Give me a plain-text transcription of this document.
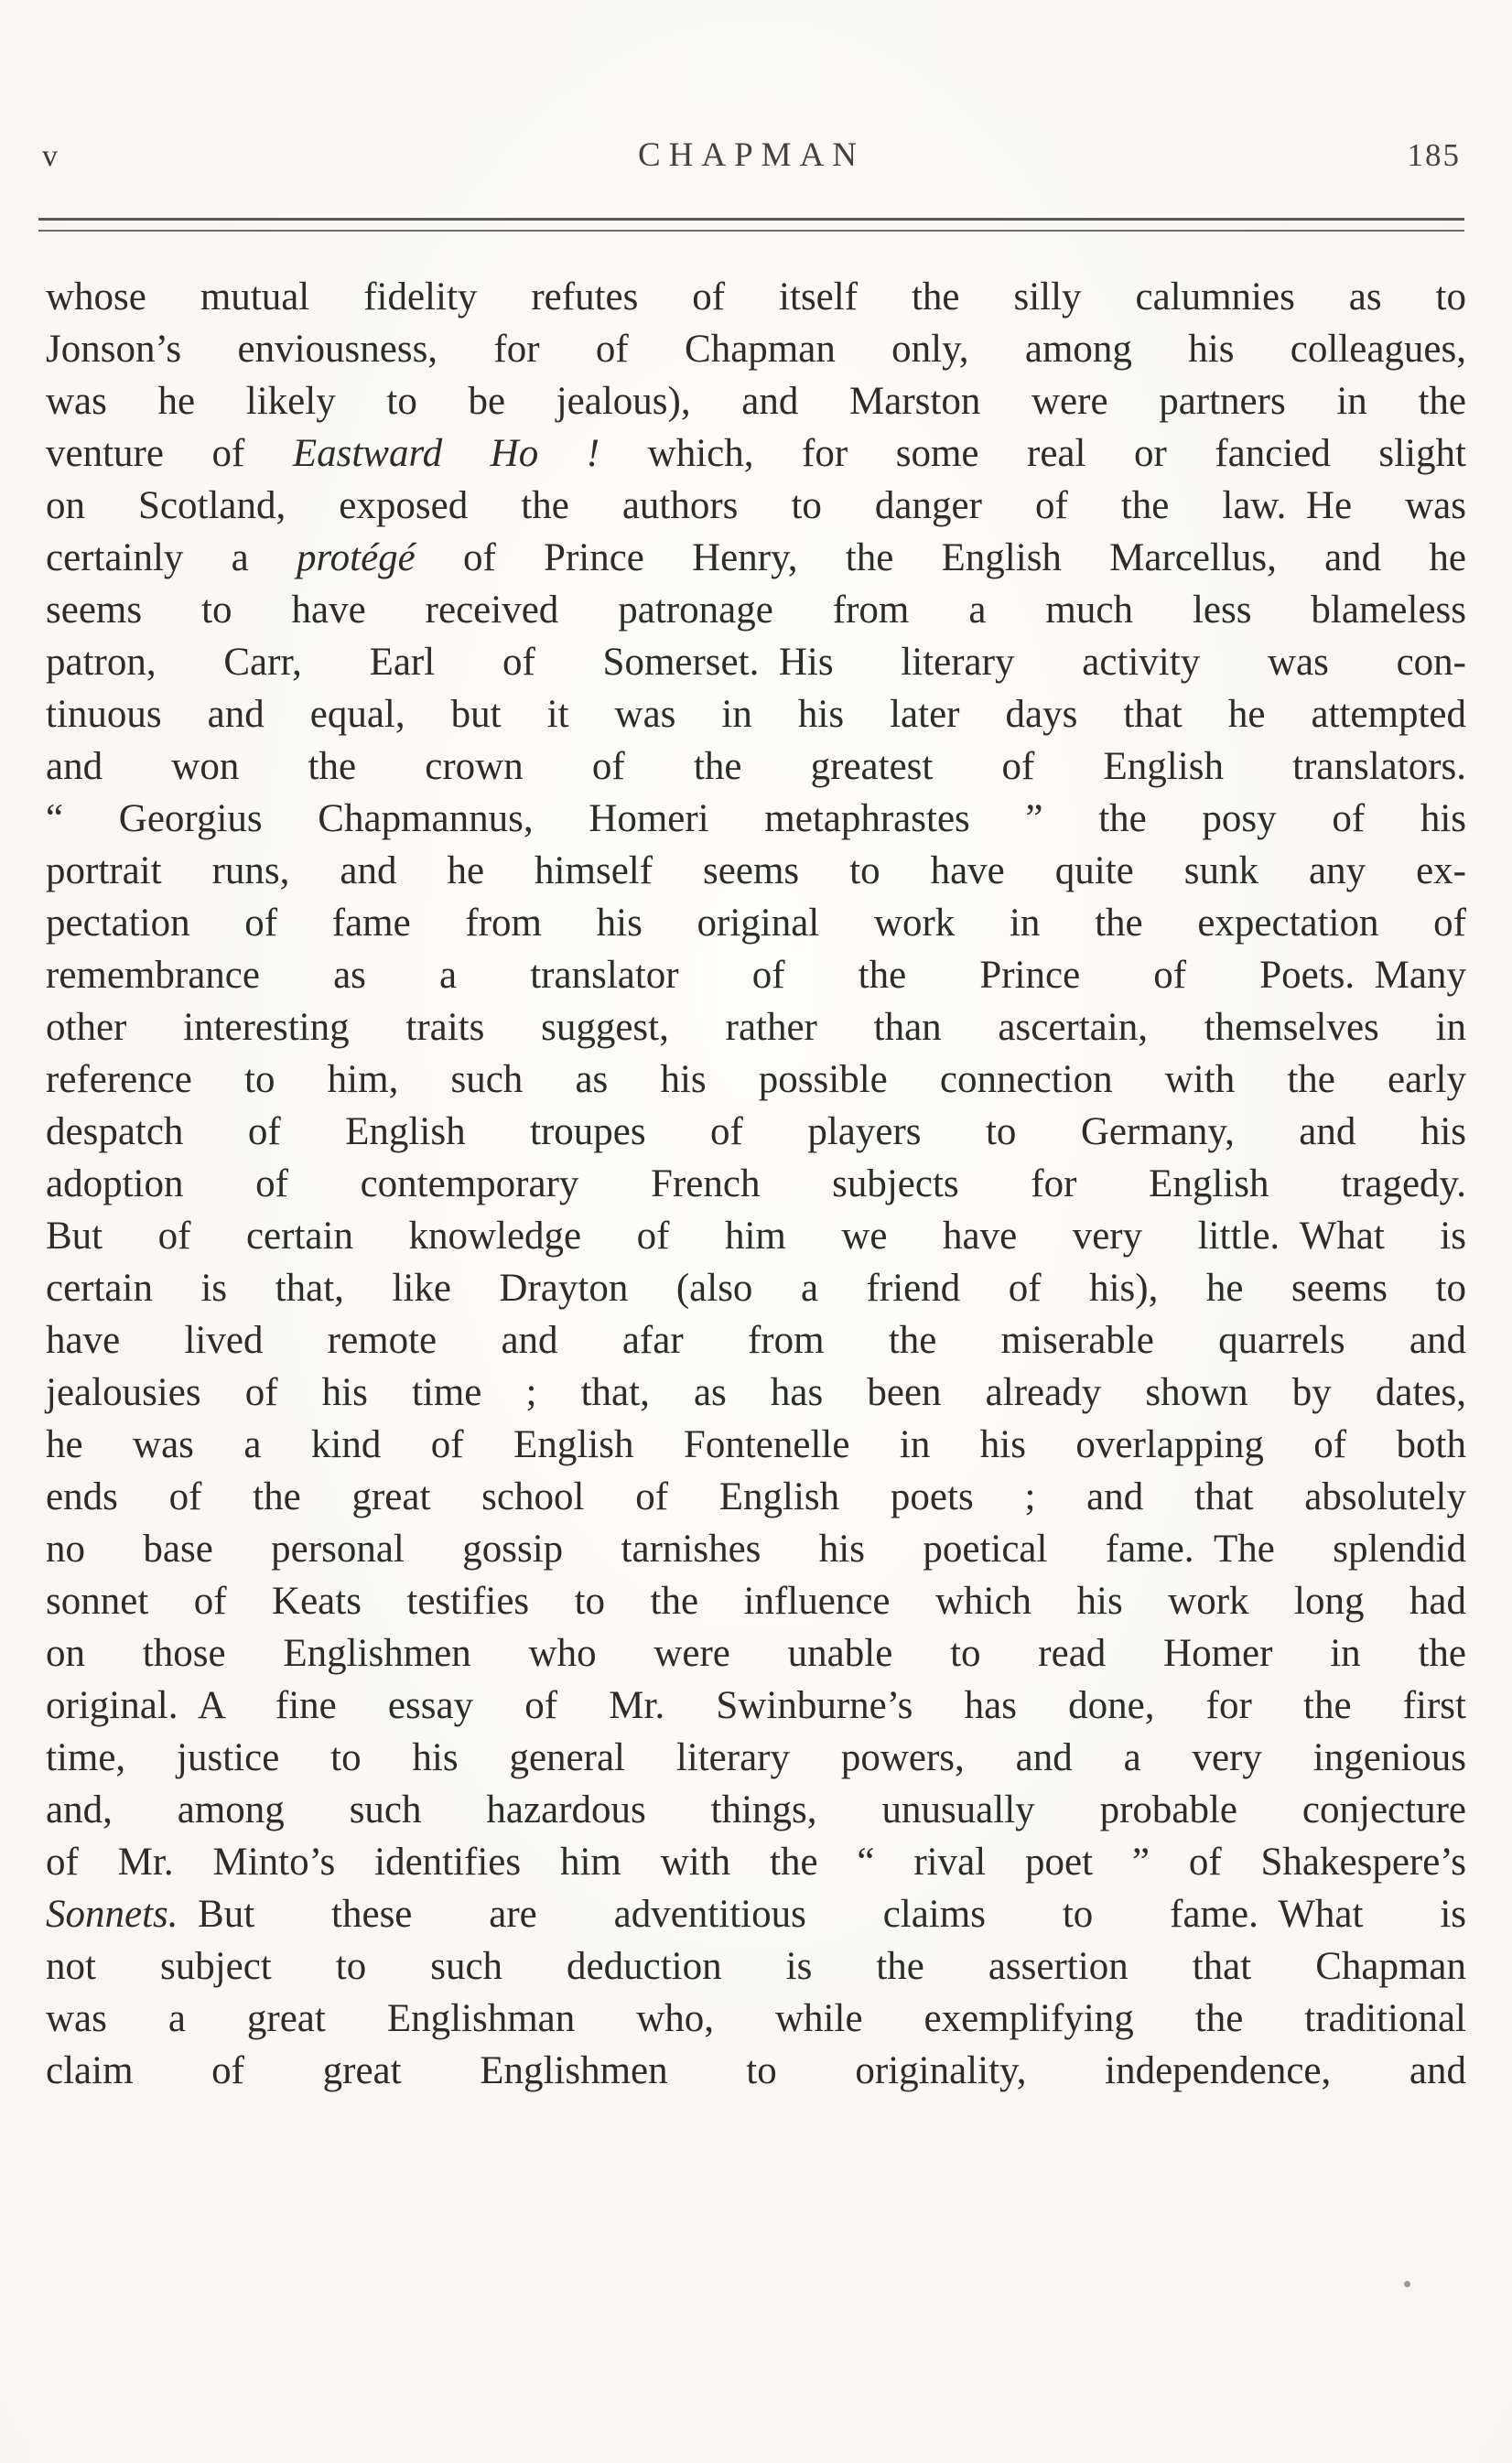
v	CHAPMAN	185
whose mutual fidelity refutes of itself the silly calumnies as to
Jonson’s enviousness, for of Chapman only, among his colleagues,
was he likely to be jealous), and Marston were partners in the
venture of Eastward Ho ! which, for some real or fancied slight
on Scotland, exposed the authors to danger of the law. He was
certainly a protégé of Prince Henry, the English Marcellus, and he
seems to have received patronage from a much less blameless
patron, Carr, Earl of Somerset. His literary activity was con-
tinuous and equal, but it was in his later days that he attempted
and won the crown of the greatest of English translators.
“ Georgius Chapmannus, Homeri metaphrastes ” the posy of his
portrait runs, and he himself seems to have quite sunk any ex-
pectation of fame from his original work in the expectation of
remembrance as a translator of the Prince of Poets. Many
other interesting traits suggest, rather than ascertain, themselves in
reference to him, such as his possible connection with the early
despatch of English troupes of players to Germany, and his
adoption of contemporary French subjects for English tragedy.
But of certain knowledge of him we have very little. What is
certain is that, like Drayton (also a friend of his), he seems to
have lived remote and afar from the miserable quarrels and
jealousies of his time ; that, as has been already shown by dates,
he was a kind of English Fontenelle in his overlapping of both
ends of the great school of English poets ; and that absolutely
no base personal gossip tarnishes his poetical fame. The splendid
sonnet of Keats testifies to the influence which his work long had
on those Englishmen who were unable to read Homer in the
original. A fine essay of Mr. Swinburne’s has done, for the first
time, justice to his general literary powers, and a very ingenious
and, among such hazardous things, unusually probable conjecture
of Mr. Minto’s identifies him with the “ rival poet ” of Shakespere’s
Sonnets. But these are adventitious claims to fame. What is
not subject to such deduction is the assertion that Chapman
was a great Englishman who, while exemplifying the traditional
claim of great Englishmen to originality, independence, and
